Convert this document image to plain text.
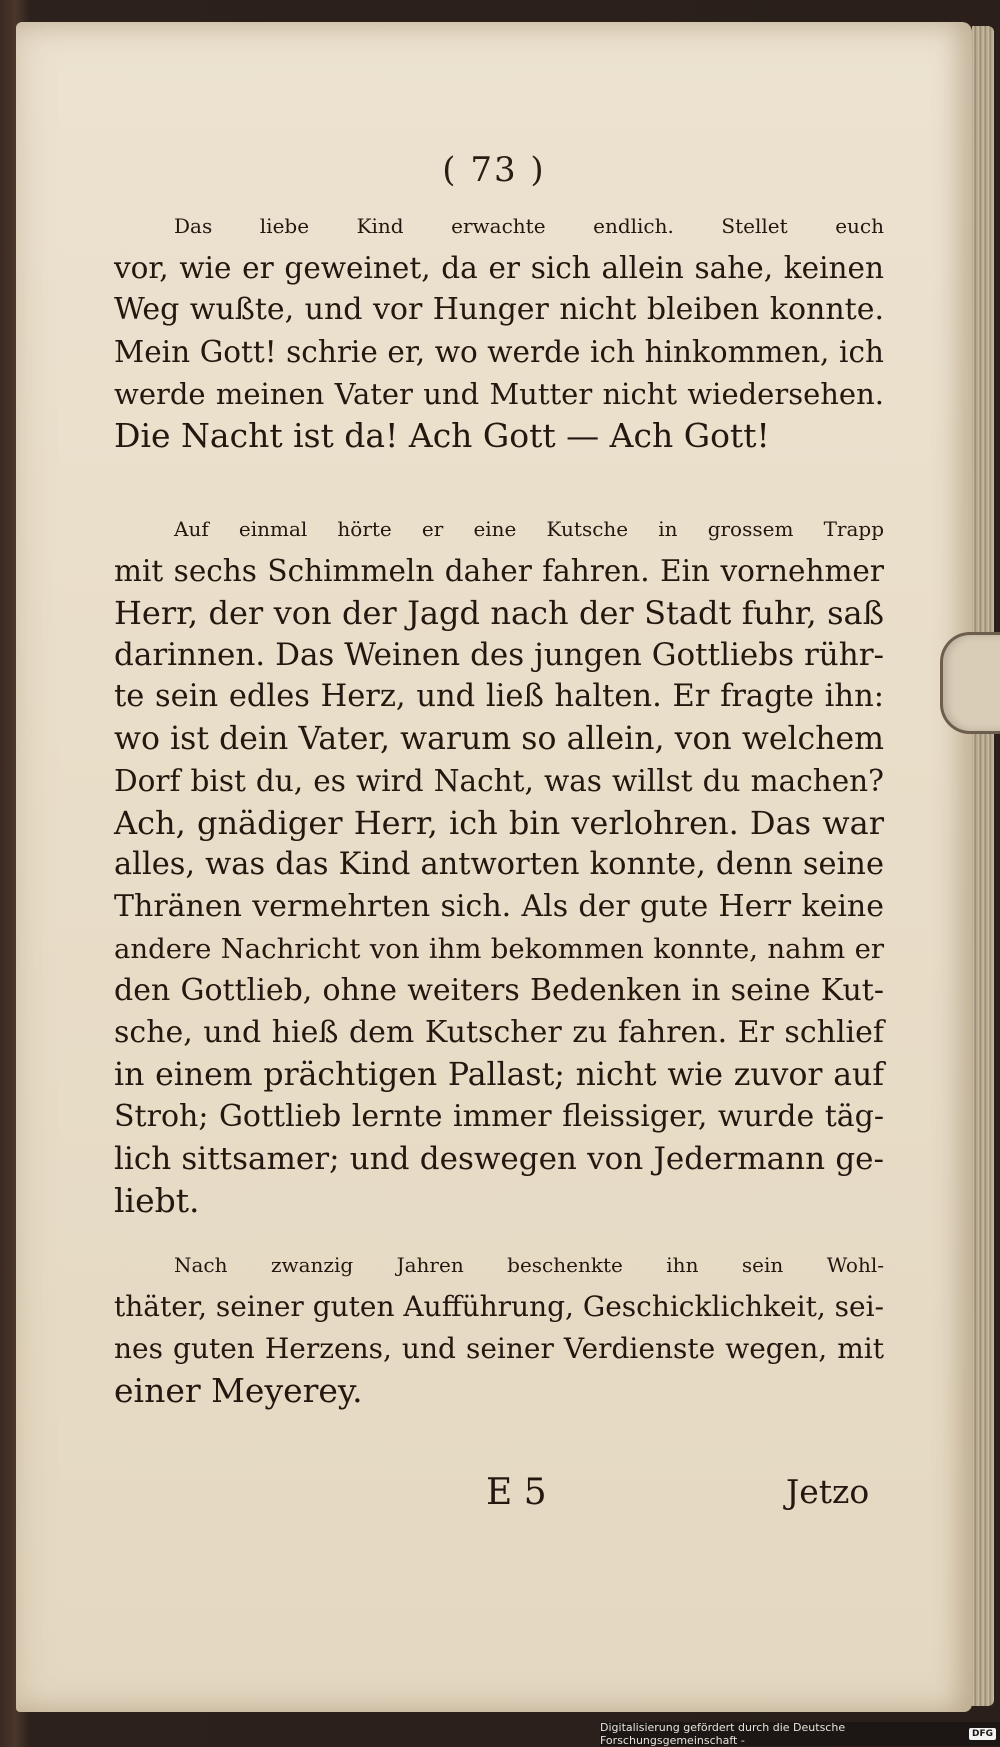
( 73 )
Das liebe Kind erwachte endlich. Stellet euch
vor, wie er geweinet, da er sich allein sahe, keinen
Weg wußte, und vor Hunger nicht bleiben konnte.
Mein Gott! schrie er, wo werde ich hinkommen, ich
werde meinen Vater und Mutter nicht wiedersehen.
Die Nacht ist da! Ach Gott — Ach Gott!
Auf einmal hörte er eine Kutsche in grossem Trapp
mit sechs Schimmeln daher fahren. Ein vornehmer
Herr, der von der Jagd nach der Stadt fuhr, saß
darinnen. Das Weinen des jungen Gottliebs rühr-
te sein edles Herz, und ließ halten. Er fragte ihn:
wo ist dein Vater, warum so allein, von welchem
Dorf bist du, es wird Nacht, was willst du machen?
Ach, gnädiger Herr, ich bin verlohren. Das war
alles, was das Kind antworten konnte, denn seine
Thränen vermehrten sich. Als der gute Herr keine
andere Nachricht von ihm bekommen konnte, nahm er
den Gottlieb, ohne weiters Bedenken in seine Kut-
sche, und hieß dem Kutscher zu fahren. Er schlief
in einem prächtigen Pallast; nicht wie zuvor auf
Stroh; Gottlieb lernte immer fleissiger, wurde täg-
lich sittsamer; und deswegen von Jedermann ge-
liebt.
Nach zwanzig Jahren beschenkte ihn sein Wohl-
thäter, seiner guten Aufführung, Geschicklichkeit, sei-
nes guten Herzens, und seiner Verdienste wegen, mit
einer Meyerey.
E 5	Jetzo
Digitalisierung gefördert durch die Deutsche Forschungsgemeinschaft -	DFG
